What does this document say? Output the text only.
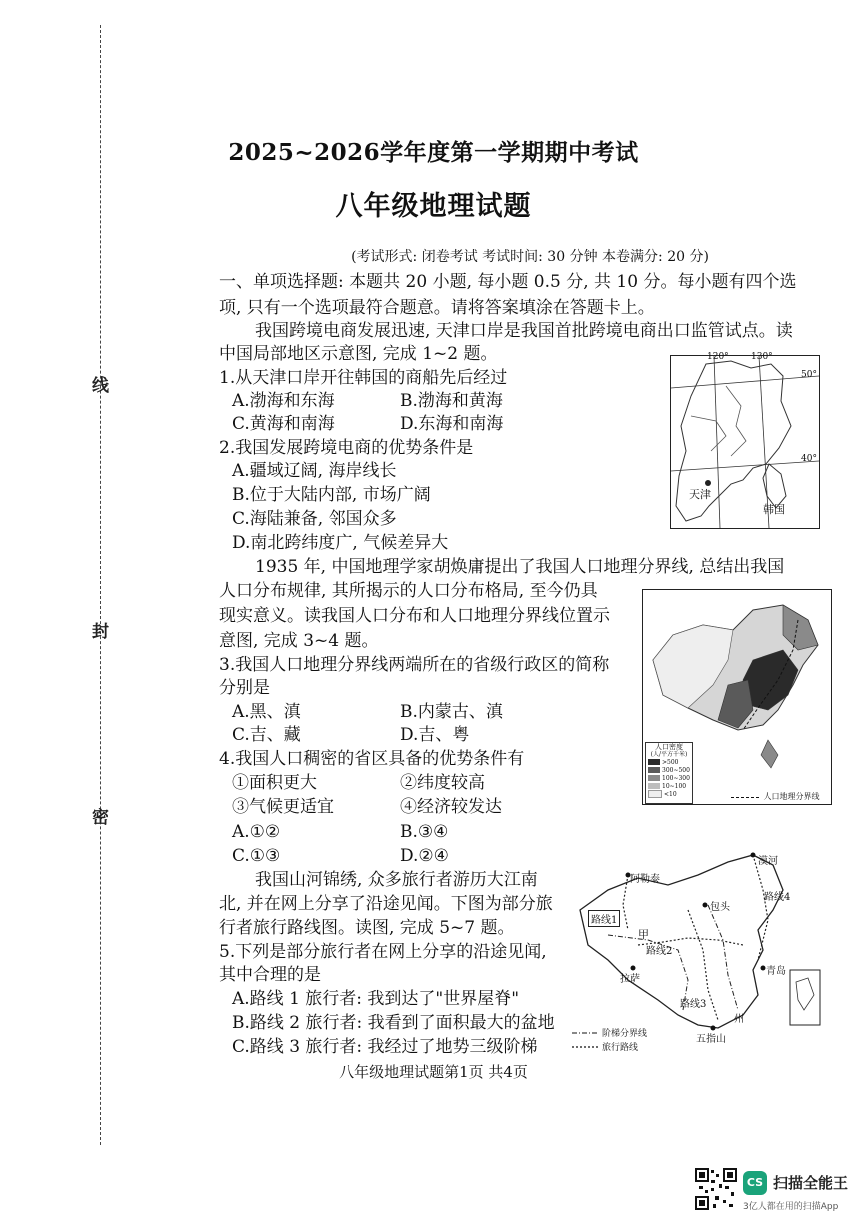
线
封
密
2025~2026学年度第一学期期中考试
八年级地理试题
(考试形式: 闭卷考试 考试时间: 30 分钟 本卷满分: 20 分)
一、单项选择题: 本题共 20 小题, 每小题 0.5 分, 共 10 分。每小题有四个选
项, 只有一个选项最符合题意。请将答案填涂在答题卡上。
我国跨境电商发展迅速, 天津口岸是我国首批跨境电商出口监管试点。读
中国局部地区示意图, 完成 1~2 题。
1.从天津口岸开往韩国的商船先后经过
A.渤海和东海	B.渤海和黄海
C.黄海和南海	D.东海和南海
2.我国发展跨境电商的优势条件是
A.疆域辽阔, 海岸线长
B.位于大陆内部, 市场广阔
C.海陆兼备, 邻国众多
D.南北跨纬度广, 气候差异大
1935 年, 中国地理学家胡焕庸提出了我国人口地理分界线, 总结出我国
人口分布规律, 其所揭示的人口分布格局, 至今仍具
现实意义。读我国人口分布和人口地理分界线位置示
意图, 完成 3~4 题。
3.我国人口地理分界线两端所在的省级行政区的简称
分别是
A.黑、滇	B.内蒙古、滇
C.吉、藏	D.吉、粤
4.我国人口稠密的省区具备的优势条件有
①面积更大	②纬度较高
③气候更适宜	④经济较发达
A.①②	B.③④
C.①③	D.②④
我国山河锦绣, 众多旅行者游历大江南
北, 并在网上分享了沿途见闻。下图为部分旅
行者旅行路线图。读图, 完成 5~7 题。
5.下列是部分旅行者在网上分享的沿途见闻,
其中合理的是
A.路线 1 旅行者: 我到达了"世界屋脊"
B.路线 2 旅行者: 我看到了面积最大的盆地
C.路线 3 旅行者: 我经过了地势三级阶梯
120° 130°
50°
40°
天津
韩国
人口密度
(人/平方千米)
>500
300~500
100~300
10~100
<10	人口地理分界线
阿勒泰
漠河
路线1
路线2
路线3
路线4
甲
包头
拉萨
青岛
州
五指山
阶梯分界线
旅行路线
八年级地理试题第1页 共4页
CS 扫描全能王
3亿人都在用的扫描App
